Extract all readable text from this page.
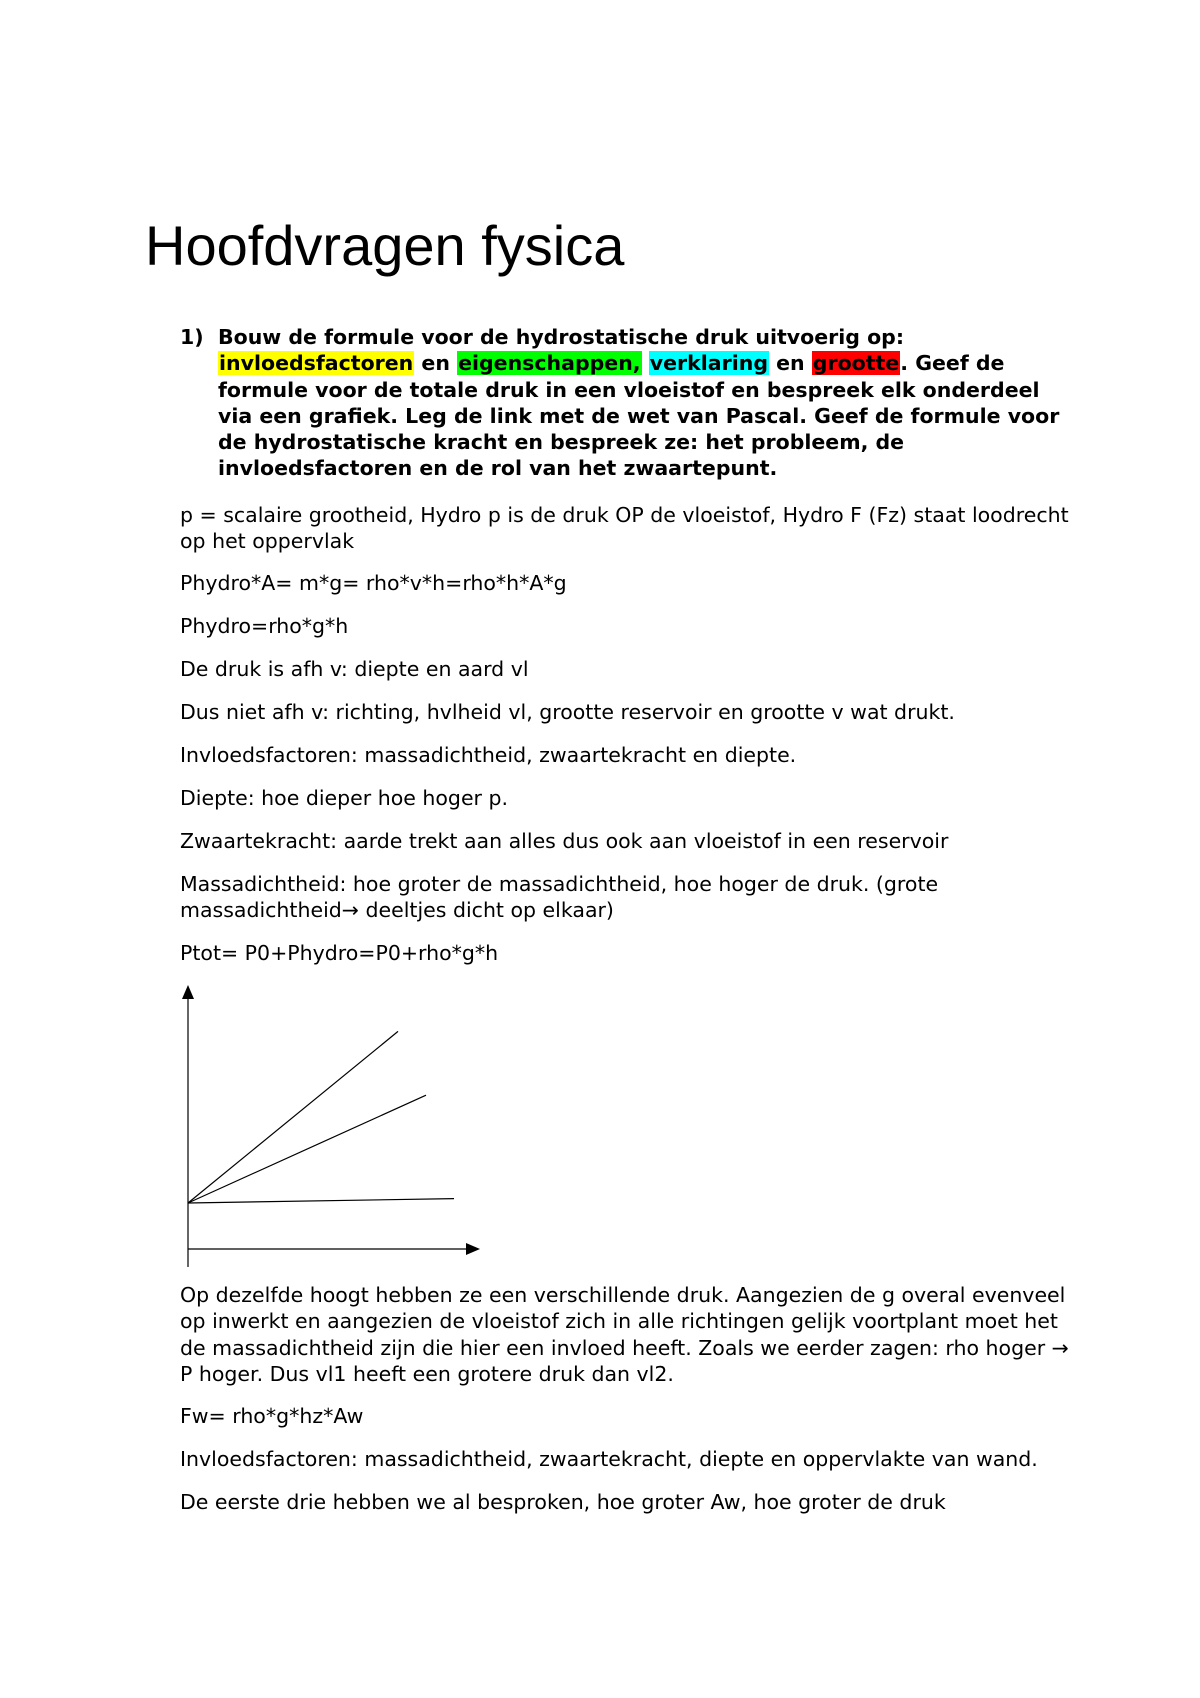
Hoofdvragen fysica
1) Bouw de formule voor de hydrostatische druk uitvoerig op: invloedsfactoren en eigenschappen, verklaring en grootte. Geef de formule voor de totale druk in een vloeistof en bespreek elk onderdeel via een grafiek. Leg de link met de wet van Pascal. Geef de formule voor de hydrostatische kracht en bespreek ze: het probleem, de invloedsfactoren en de rol van het zwaartepunt.

p = scalaire grootheid, Hydro p is de druk OP de vloeistof, Hydro F (Fz) staat loodrecht op het oppervlak

Phydro*A= m*g= rho*v*h=rho*h*A*g

Phydro=rho*g*h

De druk is afh v: diepte en aard vl

Dus niet afh v: richting, hvlheid vl, grootte reservoir en grootte v wat drukt.

Invloedsfactoren: massadichtheid, zwaartekracht en diepte.

Diepte: hoe dieper hoe hoger p.

Zwaartekracht: aarde trekt aan alles dus ook aan vloeistof in een reservoir

Massadichtheid: hoe groter de massadichtheid, hoe hoger de druk. (grote massadichtheid→ deeltjes dicht op elkaar)

Ptot= P0+Phydro=P0+rho*g*h

Op dezelfde hoogt hebben ze een verschillende druk. Aangezien de g overal evenveel op inwerkt en aangezien de vloeistof zich in alle richtingen gelijk voortplant moet het de massadichtheid zijn die hier een invloed heeft. Zoals we eerder zagen: rho hoger → P hoger. Dus vl1 heeft een grotere druk dan vl2.

Fw= rho*g*hz*Aw

Invloedsfactoren: massadichtheid, zwaartekracht, diepte en oppervlakte van wand.

De eerste drie hebben we al besproken, hoe groter Aw, hoe groter de druk
